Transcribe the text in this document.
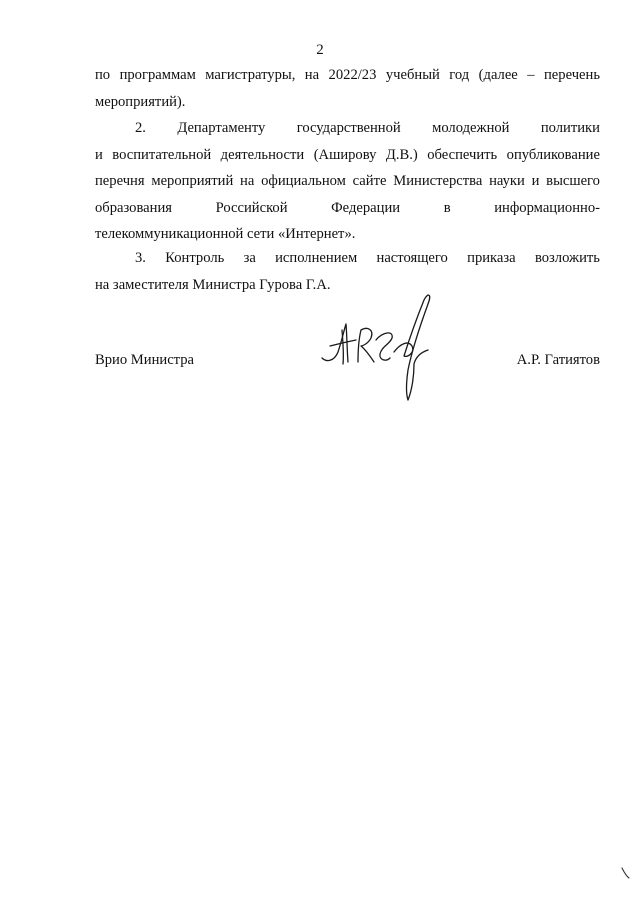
2
по программам магистратуры, на 2022/23 учебный год (далее – перечень
мероприятий).
2. Департаменту государственной молодежной политики
и воспитательной деятельности (Аширову Д.В.) обеспечить опубликование
перечня мероприятий на официальном сайте Министерства науки и высшего
образования	Российской	Федерации	в	информационно-
телекоммуникационной сети «Интернет».
3. Контроль за исполнением настоящего приказа возложить
на заместителя Министра Гурова Г.А.
Врио Министра	А.Р. Гатиятов
